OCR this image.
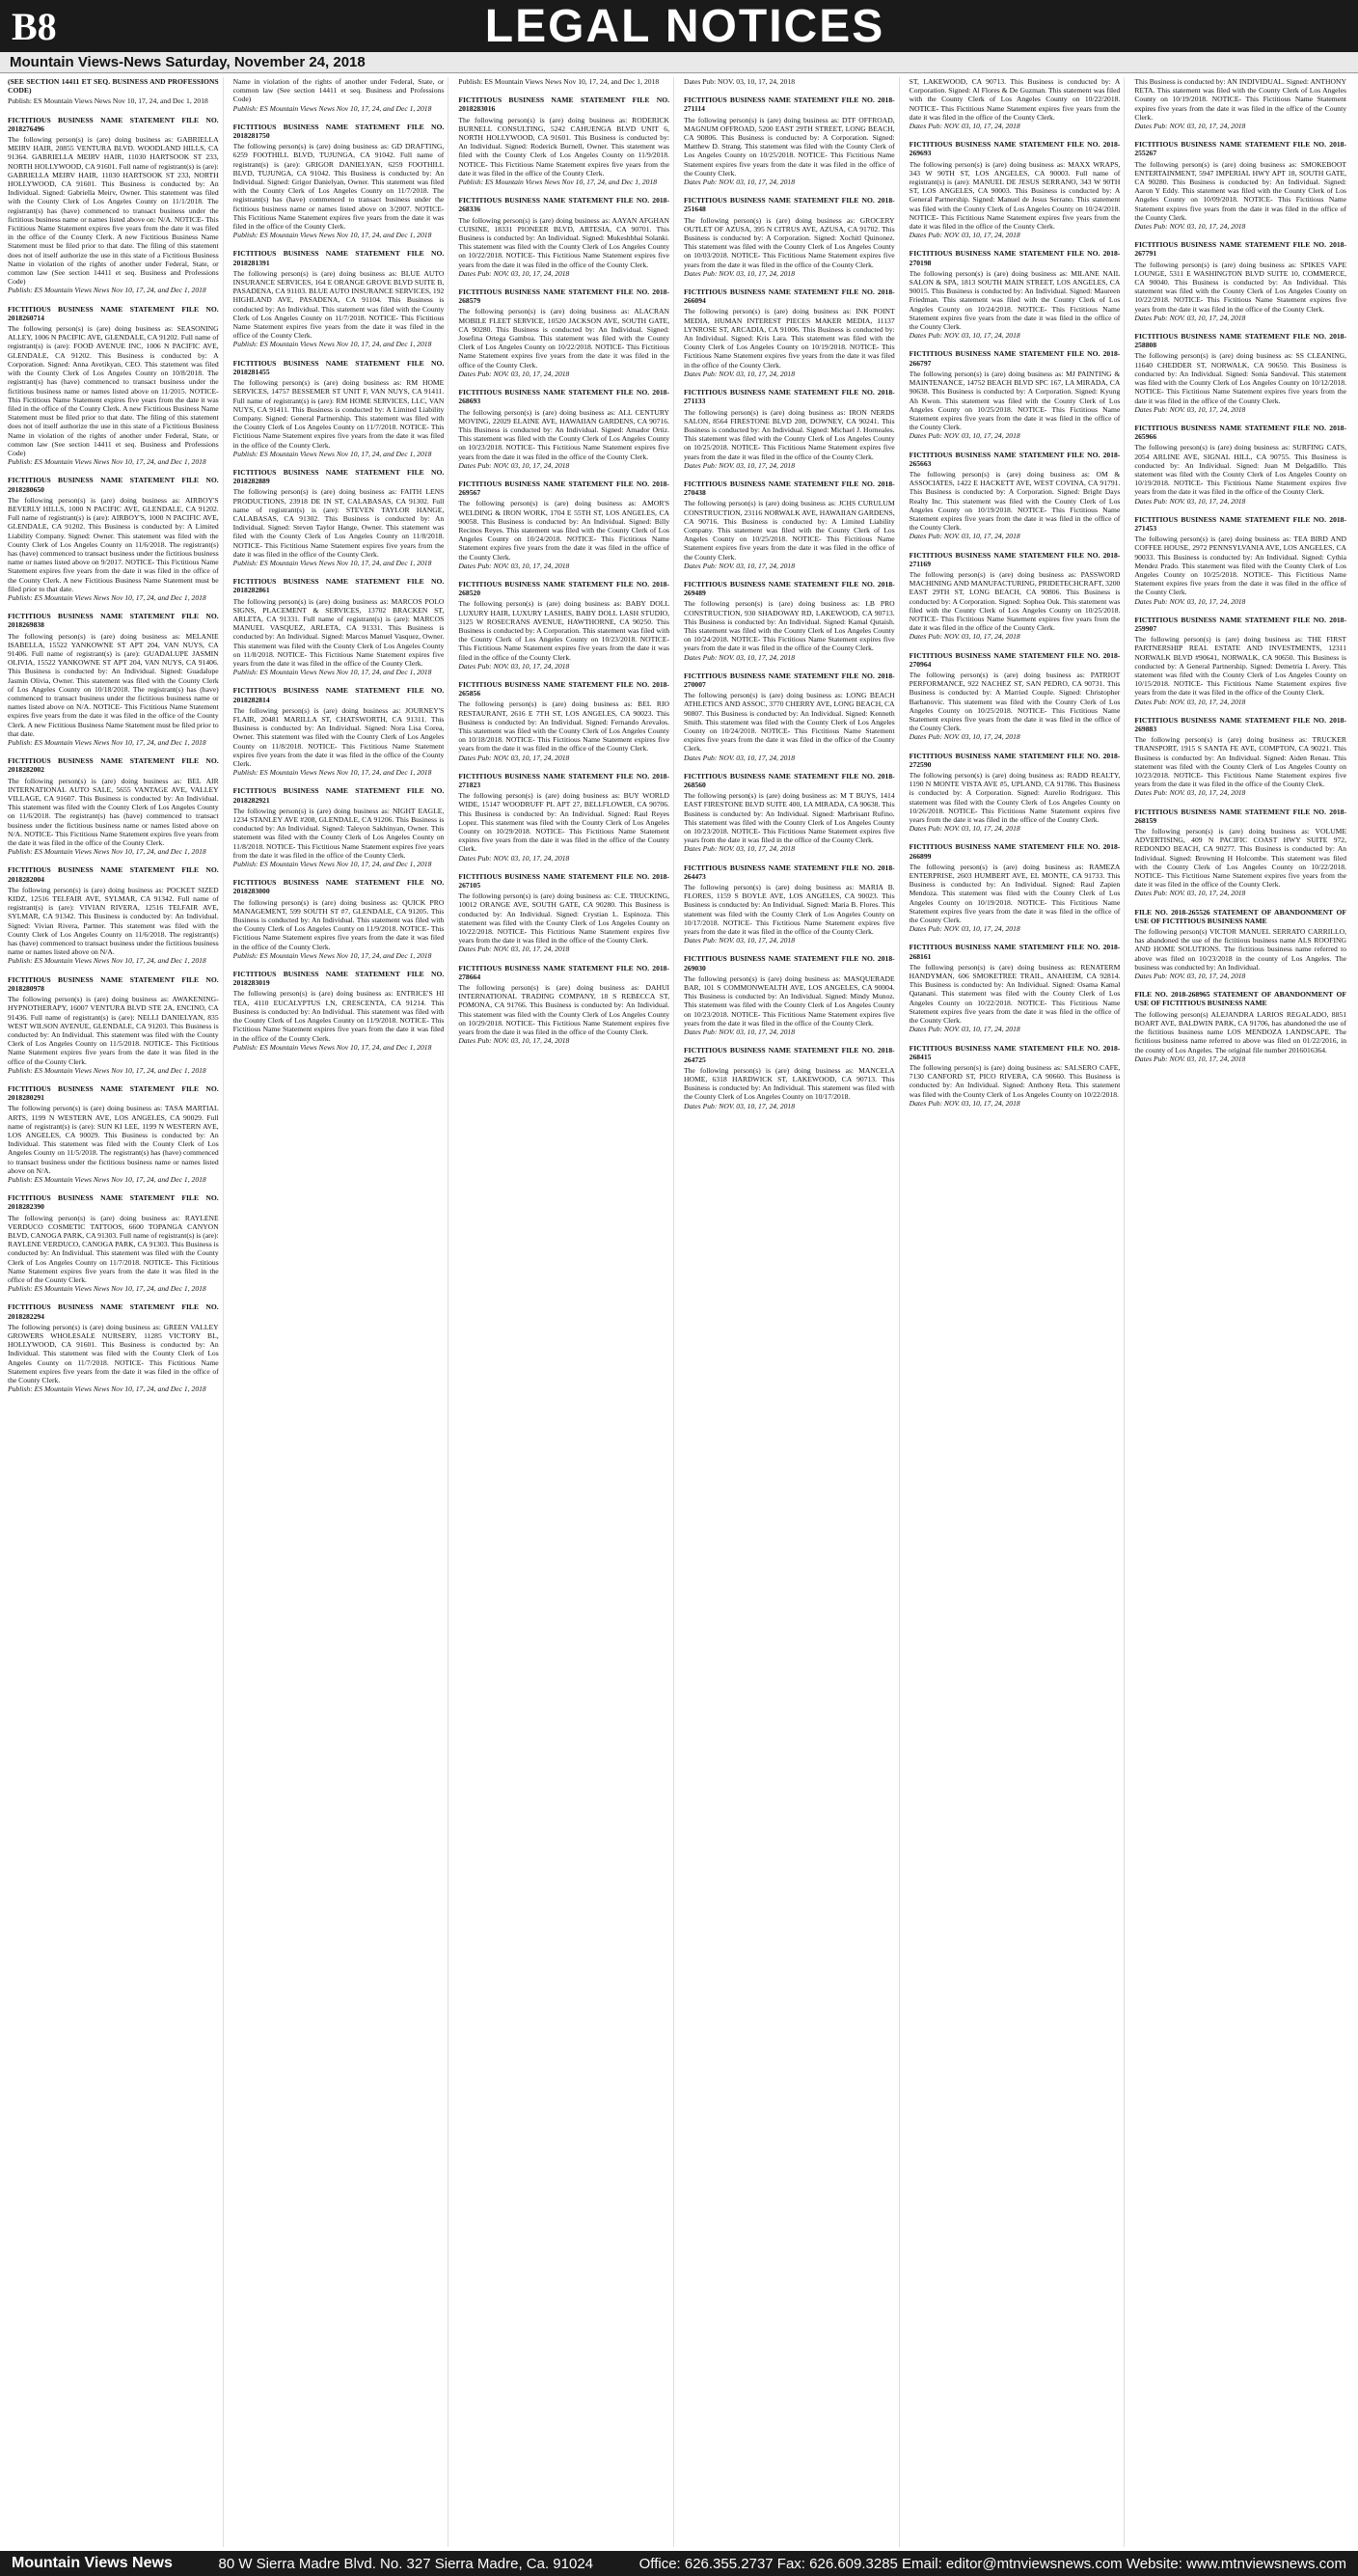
B8	LEGAL NOTICES
Mountain Views-News Saturday, November 24, 2018
(SEE SECTION 14411 ET SEQ. BUSINESS AND PROFESSIONS CODE)
Publish: ES Mountain Views News Nov 10, 17, 24, and Dec 1, 2018
FICTITIOUS BUSINESS NAME STATEMENT FILE NO. 2018276496
The following person(s) is (are) doing business as: GABRIELLA MEIRV HAIR, 20855 VENTURA BLVD. WOODLAND HILLS, CA 91364. GABRIELLA MEIRV HAIR, 11030 HARTSOOK ST 233, NORTH HOLLYWOOD, CA 91601. Full name of registrant(s) is (are): GABRIELLA MEIRV HAIR, 11030 HARTSOOK ST 233, NORTH HOLLYWOOD, CA 91601. This Business is conducted by: An Individual. Signed: Gabriella Meirv, Owner. This statement was filed with the County Clerk of Los Angeles County on 11/1/2018. The registrant(s) has (have) commenced to transact business under the fictitious business name or names listed above on: N/A. NOTICE- This Fictitious Name Statement expires five years from the date it was filed in the office of the County Clerk. A new Fictitious Business Name Statement must be filed prior to that date. The filing of this statement does not of itself authorize the use in this state of a Fictitious Business Name in violation of the rights of another under Federal, State, or common law (See section 14411 et seq. Business and Professions Code)
Publish: ES Mountain Views News Nov 10, 17, 24, and Dec 1, 2018
FICTITIOUS BUSINESS NAME STATEMENT FILE NO. 2018260714
The following person(s) is (are) doing business as: SEASONING ALLEY, 1006 N PACIFIC AVE, GLENDALE, CA 91202. Full name of registrant(s) is (are): FOOD AVENUE INC, 1006 N PACIFIC AVE, GLENDALE, CA 91202. This Business is conducted by: A Corporation. Signed: Anna Avetikyan, CEO. This statement was filed with the County Clerk of Los Angeles County on 10/8/2018. The registrant(s) has (have) commenced to transact business under the fictitious business name or names listed above on 11/2015. NOTICE- This Fictitious Name Statement expires five years from the date it was filed in the office of the County Clerk. A new Fictitious Business Name Statement must be filed prior to that date. The filing of this statement does not of itself authorize the use in this state of a Fictitious Business Name in violation of the rights of another under Federal, State, or common law (See section 14411 et seq. Business and Professions Code)
Publish: ES Mountain Views News Nov 10, 17, 24, and Dec 1, 2018
FICTITIOUS BUSINESS NAME STATEMENT FILE NO. 2018280650
The following person(s) is (are) doing business as: AIRBOY'S BEVERLY HILLS, 1000 N PACIFIC AVE, GLENDALE, CA 91202. Full name of registrant(s) is (are): AIRBOY'S, 1000 N PACIFIC AVE, GLENDALE, CA 91202. This Business is conducted by: A Limited Liability Company. Signed: Owner. This statement was filed with the County Clerk of Los Angeles County on 11/6/2018. The registrant(s) has (have) commenced to transact business under the fictitious business name or names listed above on 9/2017. NOTICE- This Fictitious Name Statement expires five years from the date it was filed in the office of the County Clerk. A new Fictitious Business Name Statement must be filed prior to that date.
Publish: ES Mountain Views News Nov 10, 17, 24, and Dec 1, 2018
FICTITIOUS BUSINESS NAME STATEMENT FILE NO. 2018269838
The following person(s) is (are) doing business as: MELANIE ISABELLA, 15522 YANKOWNE ST APT 204, VAN NUYS, CA 91406. Full name of registrant(s) is (are): GUADALUPE JASMIN OLIVIA, 15522 YANKOWNE ST APT 204, VAN NUYS, CA 91406. This Business is conducted by: An Individual. Signed: Guadalupe Jasmin Olivia, Owner. This statement was filed with the County Clerk of Los Angeles County on 10/18/2018. The registrant(s) has (have) commenced to transact business under the fictitious business name or names listed above on N/A. NOTICE- This Fictitious Name Statement expires five years from the date it was filed in the office of the County Clerk. A new Fictitious Business Name Statement must be filed prior to that date.
Publish: ES Mountain Views News Nov 10, 17, 24, and Dec 1, 2018
FICTITIOUS BUSINESS NAME STATEMENT FILE NO. 2018282002
The following person(s) is (are) doing business as: BEL AIR INTERNATIONAL AUTO SALE, 5655 VANTAGE AVE, VALLEY VILLAGE, CA 91607. This Business is conducted by: An Individual. This statement was filed with the County Clerk of Los Angeles County on 11/6/2018. The registrant(s) has (have) commenced to transact business under the fictitious business name or names listed above on N/A. NOTICE- This Fictitious Name Statement expires five years from the date it was filed in the office of the County Clerk.
Publish: ES Mountain Views News Nov 10, 17, 24, and Dec 1, 2018
FICTITIOUS BUSINESS NAME STATEMENT FILE NO. 2018282004
The following person(s) is (are) doing business as: POCKET SIZED KIDZ, 12516 TELFAIR AVE, SYLMAR, CA 91342. Full name of registrant(s) is (are): VIVIAN RIVERA, 12516 TELFAIR AVE, SYLMAR, CA 91342. This Business is conducted by: An Individual. Signed: Vivian Rivera, Partner. This statement was filed with the County Clerk of Los Angeles County on 11/6/2018. The registrant(s) has (have) commenced to transact business under the fictitious business name or names listed above on N/A.
Publish: ES Mountain Views News Nov 10, 17, 24, and Dec 1, 2018
FICTITIOUS BUSINESS NAME STATEMENT FILE NO. 2018280978
The following person(s) is (are) doing business as: AWAKENING-HYPNOTHERAPY, 16007 VENTURA BLVD STE 2A, ENCINO, CA 91436. Full name of registrant(s) is (are): NELLI DANIELYAN, 835 WEST WILSON AVENUE, GLENDALE, CA 91203. This Business is conducted by: An Individual. This statement was filed with the County Clerk of Los Angeles County on 11/5/2018. NOTICE- This Fictitious Name Statement expires five years from the date it was filed in the office of the County Clerk.
Publish: ES Mountain Views News Nov 10, 17, 24, and Dec 1, 2018
FICTITIOUS BUSINESS NAME STATEMENT FILE NO. 2018280291
The following person(s) is (are) doing business as: TASA MARTIAL ARTS, 1199 N WESTERN AVE, LOS ANGELES, CA 90029. Full name of registrant(s) is (are): SUN KI LEE, 1199 N WESTERN AVE, LOS ANGELES, CA 90029. This Business is conducted by: An Individual. This statement was filed with the County Clerk of Los Angeles County on 11/5/2018. The registrant(s) has (have) commenced to transact business under the fictitious business name or names listed above on N/A.
Publish: ES Mountain Views News Nov 10, 17, 24, and Dec 1, 2018
FICTITIOUS BUSINESS NAME STATEMENT FILE NO. 2018282390
The following person(s) is (are) doing business as: RAYLENE VERDUCO COSMETIC TATTOOS, 6600 TOPANGA CANYON BLVD, CANOGA PARK, CA 91303. Full name of registrant(s) is (are): RAYLENE VERDUCO, CANOGA PARK, CA 91303. This Business is conducted by: An Individual. This statement was filed with the County Clerk of Los Angeles County on 11/7/2018. NOTICE- This Fictitious Name Statement expires five years from the date it was filed in the office of the County Clerk.
Publish: ES Mountain Views News Nov 10, 17, 24, and Dec 1, 2018
FICTITIOUS BUSINESS NAME STATEMENT FILE NO. 2018282294
The following person(s) is (are) doing business as: GREEN VALLEY GROWERS WHOLESALE NURSERY, 11285 VICTORY BL, HOLLYWOOD, CA 91601. This Business is conducted by: An Individual. This statement was filed with the County Clerk of Los Angeles County on 11/7/2018. NOTICE- This Fictitious Name Statement expires five years from the date it was filed in the office of the County Clerk.
Publish: ES Mountain Views News Nov 10, 17, 24, and Dec 1, 2018
Name in violation of the rights of another under Federal, State, or common law (See section 14411 et seq. Business and Professions Code)
Publish: ES Mountain Views News Nov 10, 17, 24, and Dec 1, 2018
FICTITIOUS BUSINESS NAME STATEMENT FILE NO. 2018281750
The following person(s) is (are) doing business as: GD DRAFTING, 6259 FOOTHILL BLVD, TUJUNGA, CA 91042. Full name of registrant(s) is (are): GRIGOR DANIELYAN, 6259 FOOTHILL BLVD, TUJUNGA, CA 91042. This Business is conducted by: An Individual. Signed: Grigor Danielyan, Owner. This statement was filed with the County Clerk of Los Angeles County on 11/7/2018. The registrant(s) has (have) commenced to transact business under the fictitious business name or names listed above on 3/2007. NOTICE- This Fictitious Name Statement expires five years from the date it was filed in the office of the County Clerk.
Publish: ES Mountain Views News Nov 10, 17, 24, and Dec 1, 2018
FICTITIOUS BUSINESS NAME STATEMENT FILE NO. 2018281391
The following person(s) is (are) doing business as: BLUE AUTO INSURANCE SERVICES, 164 E ORANGE GROVE BLVD SUITE B, PASADENA, CA 91103. BLUE AUTO INSURANCE SERVICES, 192 HIGHLAND AVE, PASADENA, CA 91104. This Business is conducted by: An Individual. This statement was filed with the County Clerk of Los Angeles County on 11/7/2018. NOTICE- This Fictitious Name Statement expires five years from the date it was filed in the office of the County Clerk.
Publish: ES Mountain Views News Nov 10, 17, 24, and Dec 1, 2018
FICTITIOUS BUSINESS NAME STATEMENT FILE NO. 2018281455
The following person(s) is (are) doing business as: RM HOME SERVICES, 14757 BESSEMER ST UNIT F, VAN NUYS, CA 91411. Full name of registrant(s) is (are): RM HOME SERVICES, LLC, VAN NUYS, CA 91411. This Business is conducted by: A Limited Liability Company. Signed: General Partnership. This statement was filed with the County Clerk of Los Angeles County on 11/7/2018. NOTICE- This Fictitious Name Statement expires five years from the date it was filed in the office of the County Clerk.
Publish: ES Mountain Views News Nov 10, 17, 24, and Dec 1, 2018
FICTITIOUS BUSINESS NAME STATEMENT FILE NO. 2018282889
The following person(s) is (are) doing business as: FAITH LENS PRODUCTIONS, 23918 DE IN ST, CALABASAS, CA 91302. Full name of registrant(s) is (are): STEVEN TAYLOR HANGE, CALABASAS, CA 91302. This Business is conducted by: An Individual. Signed: Steven Taylor Hange, Owner. This statement was filed with the County Clerk of Los Angeles County on 11/8/2018. NOTICE- This Fictitious Name Statement expires five years from the date it was filed in the office of the County Clerk.
Publish: ES Mountain Views News Nov 10, 17, 24, and Dec 1, 2018
FICTITIOUS BUSINESS NAME STATEMENT FILE NO. 2018282861
The following person(s) is (are) doing business as: MARCOS POLO SIGNS, PLACEMENT & SERVICES, 13702 BRACKEN ST, ARLETA, CA 91331. Full name of registrant(s) is (are): MARCOS MANUEL VASQUEZ, ARLETA, CA 91331. This Business is conducted by: An Individual. Signed: Marcos Manuel Vasquez, Owner. This statement was filed with the County Clerk of Los Angeles County on 11/8/2018. NOTICE- This Fictitious Name Statement expires five years from the date it was filed in the office of the County Clerk.
Publish: ES Mountain Views News Nov 10, 17, 24, and Dec 1, 2018
FICTITIOUS BUSINESS NAME STATEMENT FILE NO. 2018282814
The following person(s) is (are) doing business as: JOURNEY'S FLAIR, 20481 MARILLA ST, CHATSWORTH, CA 91311. This Business is conducted by: An Individual. Signed: Nora Lisa Corea, Owner. This statement was filed with the County Clerk of Los Angeles County on 11/8/2018. NOTICE- This Fictitious Name Statement expires five years from the date it was filed in the office of the County Clerk.
Publish: ES Mountain Views News Nov 10, 17, 24, and Dec 1, 2018
FICTITIOUS BUSINESS NAME STATEMENT FILE NO. 2018282921
The following person(s) is (are) doing business as: NIGHT EAGLE, 1234 STANLEY AVE #208, GLENDALE, CA 91206. This Business is conducted by: An Individual. Signed: Taleyon Sakhinyan, Owner. This statement was filed with the County Clerk of Los Angeles County on 11/8/2018. NOTICE- This Fictitious Name Statement expires five years from the date it was filed in the office of the County Clerk.
Publish: ES Mountain Views News Nov 10, 17, 24, and Dec 1, 2018
FICTITIOUS BUSINESS NAME STATEMENT FILE NO. 2018283000
The following person(s) is (are) doing business as: QUICK PRO MANAGEMENT, 599 SOUTH ST #7, GLENDALE, CA 91205. This Business is conducted by: An Individual. This statement was filed with the County Clerk of Los Angeles County on 11/9/2018. NOTICE- This Fictitious Name Statement expires five years from the date it was filed in the office of the County Clerk.
Publish: ES Mountain Views News Nov 10, 17, 24, and Dec 1, 2018
FICTITIOUS BUSINESS NAME STATEMENT FILE NO. 2018283019
The following person(s) is (are) doing business as: ENTRICE'S HI TEA, 4110 EUCALYPTUS LN, CRESCENTA, CA 91214. This Business is conducted by: An Individual. This statement was filed with the County Clerk of Los Angeles County on 11/9/2018. NOTICE- This Fictitious Name Statement expires five years from the date it was filed in the office of the County Clerk.
Publish: ES Mountain Views News Nov 10, 17, 24, and Dec 1, 2018
Publish: ES Mountain Views News Nov 10, 17, 24, and Dec 1, 2018
FICTITIOUS BUSINESS NAME STATEMENT FILE NO. 2018283016
The following person(s) is (are) doing business as: RODERICK BURNELL CONSULTING, 5242 CAHUENGA BLVD UNIT 6, NORTH HOLLYWOOD, CA 91601. This Business is conducted by: An Individual. Signed: Roderick Burnell, Owner. This statement was filed with the County Clerk of Los Angeles County on 11/9/2018. NOTICE- This Fictitious Name Statement expires five years from the date it was filed in the office of the County Clerk.
Publish: ES Mountain Views News Nov 10, 17, 24, and Dec 1, 2018
FICTITIOUS BUSINESS NAME STATEMENT FILE NO. 2018-268336
The following person(s) is (are) doing business as: AAYAN AFGHAN CUISINE, 18331 PIONEER BLVD, ARTESIA, CA 90701. This Business is conducted by: An Individual. Signed: Mukeshbhai Solanki. This statement was filed with the County Clerk of Los Angeles County on 10/22/2018. NOTICE- This Fictitious Name Statement expires five years from the date it was filed in the office of the County Clerk.
Dates Pub: NOV. 03, 10, 17, 24, 2018
FICTITIOUS BUSINESS NAME STATEMENT FILE NO. 2018-268579
The following person(s) is (are) doing business as: ALACRAN MOBILE FLEET SERVICE, 10520 JACKSON AVE, SOUTH GATE, CA 90280. This Business is conducted by: An Individual. Signed: Josefina Ortega Gamboa. This statement was filed with the County Clerk of Los Angeles County on 10/22/2018. NOTICE- This Fictitious Name Statement expires five years from the date it was filed in the office of the County Clerk.
Dates Pub: NOV. 03, 10, 17, 24, 2018
FICTITIOUS BUSINESS NAME STATEMENT FILE NO. 2018-268693
The following person(s) is (are) doing business as: ALL CENTURY MOVING, 22029 ELAINE AVE, HAWAIIAN GARDENS, CA 90716. This Business is conducted by: An Individual. Signed: Amador Ortiz. This statement was filed with the County Clerk of Los Angeles County on 10/23/2018. NOTICE- This Fictitious Name Statement expires five years from the date it was filed in the office of the County Clerk.
Dates Pub: NOV. 03, 10, 17, 24, 2018
FICTITIOUS BUSINESS NAME STATEMENT FILE NO. 2018-269567
The following person(s) is (are) doing business as: AMOR'S WELDING & IRON WORK, 1704 E 55TH ST, LOS ANGELES, CA 90058. This Business is conducted by: An Individual. Signed: Billy Recinos Reyes. This statement was filed with the County Clerk of Los Angeles County on 10/24/2018. NOTICE- This Fictitious Name Statement expires five years from the date it was filed in the office of the County Clerk.
Dates Pub: NOV. 03, 10, 17, 24, 2018
FICTITIOUS BUSINESS NAME STATEMENT FILE NO. 2018-268520
The following person(s) is (are) doing business as: BABY DOLL LUXURY HAIR, LUXURY LASHES, BABY DOLL LASH STUDIO, 3125 W ROSECRANS AVENUE, HAWTHORNE, CA 90250. This Business is conducted by: A Corporation. This statement was filed with the County Clerk of Los Angeles County on 10/23/2018. NOTICE- This Fictitious Name Statement expires five years from the date it was filed in the office of the County Clerk.
Dates Pub: NOV. 03, 10, 17, 24, 2018
FICTITIOUS BUSINESS NAME STATEMENT FILE NO. 2018-265856
The following person(s) is (are) doing business as: BEL RIO RESTAURANT, 2616 E 7TH ST, LOS ANGELES, CA 90023. This Business is conducted by: An Individual. Signed: Fernando Arevalos. This statement was filed with the County Clerk of Los Angeles County on 10/18/2018. NOTICE- This Fictitious Name Statement expires five years from the date it was filed in the office of the County Clerk.
Dates Pub: NOV. 03, 10, 17, 24, 2018
FICTITIOUS BUSINESS NAME STATEMENT FILE NO. 2018-271823
The following person(s) is (are) doing business as: BUY WORLD WIDE, 15147 WOODRUFF PL APT 27, BELLFLOWER, CA 90706. This Business is conducted by: An Individual. Signed: Raul Reyes Lopez. This statement was filed with the County Clerk of Los Angeles County on 10/29/2018. NOTICE- This Fictitious Name Statement expires five years from the date it was filed in the office of the County Clerk.
Dates Pub: NOV. 03, 10, 17, 24, 2018
FICTITIOUS BUSINESS NAME STATEMENT FILE NO. 2018-267105
The following person(s) is (are) doing business as: C.E. TRUCKING, 10012 ORANGE AVE, SOUTH GATE, CA 90280. This Business is conducted by: An Individual. Signed: Crystian L. Espinoza. This statement was filed with the County Clerk of Los Angeles County on 10/22/2018. NOTICE- This Fictitious Name Statement expires five years from the date it was filed in the office of the County Clerk.
Dates Pub: NOV. 03, 10, 17, 24, 2018
FICTITIOUS BUSINESS NAME STATEMENT FILE NO. 2018-278664
The following person(s) is (are) doing business as: DAHUI INTERNATIONAL TRADING COMPANY, 18 S REBECCA ST, POMONA, CA 91766. This Business is conducted by: An Individual. This statement was filed with the County Clerk of Los Angeles County on 10/29/2018. NOTICE- This Fictitious Name Statement expires five years from the date it was filed in the office of the County Clerk.
Dates Pub: NOV. 03, 10, 17, 24, 2018
Dates Pub: NOV. 03, 10, 17, 24, 2018
FICTITIOUS BUSINESS NAME STATEMENT FILE NO. 2018-271114
The following person(s) is (are) doing business as: DTF OFFROAD, MAGNUM OFFROAD, 5200 EAST 29TH STREET, LONG BEACH, CA 90806. This Business is conducted by: A Corporation. Signed: Matthew D. Strang. This statement was filed with the County Clerk of Los Angeles County on 10/25/2018. NOTICE- This Fictitious Name Statement expires five years from the date it was filed in the office of the County Clerk.
Dates Pub: NOV. 03, 10, 17, 24, 2018
FICTITIOUS BUSINESS NAME STATEMENT FILE NO. 2018-251648
The following person(s) is (are) doing business as: GROCERY OUTLET OF AZUSA, 395 N CITRUS AVE, AZUSA, CA 91702. This Business is conducted by: A Corporation. Signed: Xochitl Quinonez. This statement was filed with the County Clerk of Los Angeles County on 10/03/2018. NOTICE- This Fictitious Name Statement expires five years from the date it was filed in the office of the County Clerk.
Dates Pub: NOV. 03, 10, 17, 24, 2018
FICTITIOUS BUSINESS NAME STATEMENT FILE NO. 2018-266094
The following person(s) is (are) doing business as: INK POINT MEDIA, HUMAN INTEREST PIECES MAKER MEDIA, 11137 LYNROSE ST, ARCADIA, CA 91006. This Business is conducted by: An Individual. Signed: Kris Lara. This statement was filed with the County Clerk of Los Angeles County on 10/19/2018. NOTICE- This Fictitious Name Statement expires five years from the date it was filed in the office of the County Clerk.
Dates Pub: NOV. 03, 10, 17, 24, 2018
FICTITIOUS BUSINESS NAME STATEMENT FILE NO. 2018-271133
The following person(s) is (are) doing business as: IRON NERDS SALON, 8564 FIRESTONE BLVD 208, DOWNEY, CA 90241. This Business is conducted by: An Individual. Signed: Michael J. Horneales. This statement was filed with the County Clerk of Los Angeles County on 10/25/2018. NOTICE- This Fictitious Name Statement expires five years from the date it was filed in the office of the County Clerk.
Dates Pub: NOV. 03, 10, 17, 24, 2018
FICTITIOUS BUSINESS NAME STATEMENT FILE NO. 2018-270438
The following person(s) is (are) doing business as: JCHS CURULUM CONSTRUCTION, 23116 NORWALK AVE, HAWAIIAN GARDENS, CA 90716. This Business is conducted by: A Limited Liability Company. This statement was filed with the County Clerk of Los Angeles County on 10/25/2018. NOTICE- This Fictitious Name Statement expires five years from the date it was filed in the office of the County Clerk.
Dates Pub: NOV. 03, 10, 17, 24, 2018
FICTITIOUS BUSINESS NAME STATEMENT FILE NO. 2018-269489
The following person(s) is (are) doing business as: LB PRO CONSTRUCTION, 930 SHADOWAY RD, LAKEWOOD, CA 90713. This Business is conducted by: An Individual. Signed: Kamal Qutaish. This statement was filed with the County Clerk of Los Angeles County on 10/24/2018. NOTICE- This Fictitious Name Statement expires five years from the date it was filed in the office of the County Clerk.
Dates Pub: NOV. 03, 10, 17, 24, 2018
FICTITIOUS BUSINESS NAME STATEMENT FILE NO. 2018-270007
The following person(s) is (are) doing business as: LONG BEACH ATHLETICS AND ASSOC, 3770 CHERRY AVE, LONG BEACH, CA 90807. This Business is conducted by: An Individual. Signed: Kenneth Smith. This statement was filed with the County Clerk of Los Angeles County on 10/24/2018. NOTICE- This Fictitious Name Statement expires five years from the date it was filed in the office of the County Clerk.
Dates Pub: NOV. 03, 10, 17, 24, 2018
FICTITIOUS BUSINESS NAME STATEMENT FILE NO. 2018-268560
The following person(s) is (are) doing business as: M T BUYS, 1414 EAST FIRESTONE BLVD SUITE 400, LA MIRADA, CA 90638. This Business is conducted by: An Individual. Signed: Marbrisant Rufino. This statement was filed with the County Clerk of Los Angeles County on 10/23/2018. NOTICE- This Fictitious Name Statement expires five years from the date it was filed in the office of the County Clerk.
Dates Pub: NOV. 03, 10, 17, 24, 2018
FICTITIOUS BUSINESS NAME STATEMENT FILE NO. 2018-264473
The following person(s) is (are) doing business as: MARIA B. FLORES, 1159 S BOYLE AVE, LOS ANGELES, CA 90023. This Business is conducted by: An Individual. Signed: Maria B. Flores. This statement was filed with the County Clerk of Los Angeles County on 10/17/2018. NOTICE- This Fictitious Name Statement expires five years from the date it was filed in the office of the County Clerk.
Dates Pub: NOV. 03, 10, 17, 24, 2018
FICTITIOUS BUSINESS NAME STATEMENT FILE NO. 2018-269030
The following person(s) is (are) doing business as: MASQUERADE BAR, 101 S COMMONWEALTH AVE, LOS ANGELES, CA 90004. This Business is conducted by: An Individual. Signed: Mindy Munoz. This statement was filed with the County Clerk of Los Angeles County on 10/23/2018. NOTICE- This Fictitious Name Statement expires five years from the date it was filed in the office of the County Clerk.
Dates Pub: NOV. 03, 10, 17, 24, 2018
FICTITIOUS BUSINESS NAME STATEMENT FILE NO. 2018-264725
The following person(s) is (are) doing business as: MANCELA HOME, 6318 HARDWICK ST, LAKEWOOD, CA 90713. This Business is conducted by: An Individual. This statement was filed with the County Clerk of Los Angeles County on 10/17/2018.
Dates Pub: NOV. 03, 10, 17, 24, 2018
ST, LAKEWOOD, CA 90713. This Business is conducted by: A Corporation. Signed: Al Flores & De Guzman. This statement was filed with the County Clerk of Los Angeles County on 10/22/2018. NOTICE- This Fictitious Name Statement expires five years from the date it was filed in the office of the County Clerk.
Dates Pub: NOV. 03, 10, 17, 24, 2018
FICTITIOUS BUSINESS NAME STATEMENT FILE NO. 2018-269693
The following person(s) is (are) doing business as: MAXX WRAPS, 343 W 90TH ST, LOS ANGELES, CA 90003. Full name of registrant(s) is (are): MANUEL DE JESUS SERRANO, 343 W 90TH ST, LOS ANGELES, CA 90003. This Business is conducted by: A General Partnership. Signed: Manuel de Jesus Serrano. This statement was filed with the County Clerk of Los Angeles County on 10/24/2018. NOTICE- This Fictitious Name Statement expires five years from the date it was filed in the office of the County Clerk.
Dates Pub: NOV. 03, 10, 17, 24, 2018
FICTITIOUS BUSINESS NAME STATEMENT FILE NO. 2018-270198
The following person(s) is (are) doing business as: MILANE NAIL SALON & SPA, 1813 SOUTH MAIN STREET, LOS ANGELES, CA 90015. This Business is conducted by: An Individual. Signed: Maureen Friedman. This statement was filed with the County Clerk of Los Angeles County on 10/24/2018. NOTICE- This Fictitious Name Statement expires five years from the date it was filed in the office of the County Clerk.
Dates Pub: NOV. 03, 10, 17, 24, 2018
FICTITIOUS BUSINESS NAME STATEMENT FILE NO. 2018-266797
The following person(s) is (are) doing business as: MJ PAINTING & MAINTENANCE, 14752 BEACH BLVD SPC 167, LA MIRADA, CA 90638. This Business is conducted by: A Corporation. Signed: Kyung Ah Kwon. This statement was filed with the County Clerk of Los Angeles County on 10/25/2018. NOTICE- This Fictitious Name Statement expires five years from the date it was filed in the office of the County Clerk.
Dates Pub: NOV. 03, 10, 17, 24, 2018
FICTITIOUS BUSINESS NAME STATEMENT FILE NO. 2018-265663
The following person(s) is (are) doing business as: OM & ASSOCIATES, 1422 E HACKETT AVE, WEST COVINA, CA 91791. This Business is conducted by: A Corporation. Signed: Bright Days Realty Inc. This statement was filed with the County Clerk of Los Angeles County on 10/19/2018. NOTICE- This Fictitious Name Statement expires five years from the date it was filed in the office of the County Clerk.
Dates Pub: NOV. 03, 10, 17, 24, 2018
FICTITIOUS BUSINESS NAME STATEMENT FILE NO. 2018-271169
The following person(s) is (are) doing business as: PASSWORD MACHINING AND MANUFACTURING, PRIDETECHCRAFT, 3200 EAST 29TH ST, LONG BEACH, CA 90806. This Business is conducted by: A Corporation. Signed: Sophea Ouk. This statement was filed with the County Clerk of Los Angeles County on 10/25/2018. NOTICE- This Fictitious Name Statement expires five years from the date it was filed in the office of the County Clerk.
Dates Pub: NOV. 03, 10, 17, 24, 2018
FICTITIOUS BUSINESS NAME STATEMENT FILE NO. 2018-270964
The following person(s) is (are) doing business as: PATRIOT PERFORMANCE, 922 NACHEZ ST, SAN PEDRO, CA 90731. This Business is conducted by: A Married Couple. Signed: Christopher Barhanovic. This statement was filed with the County Clerk of Los Angeles County on 10/25/2018. NOTICE- This Fictitious Name Statement expires five years from the date it was filed in the office of the County Clerk.
Dates Pub: NOV. 03, 10, 17, 24, 2018
FICTITIOUS BUSINESS NAME STATEMENT FILE NO. 2018-272590
The following person(s) is (are) doing business as: RADD REALTY, 1190 N MONTE VISTA AVE #5, UPLAND, CA 91786. This Business is conducted by: A Corporation. Signed: Aurelio Rodriguez. This statement was filed with the County Clerk of Los Angeles County on 10/26/2018. NOTICE- This Fictitious Name Statement expires five years from the date it was filed in the office of the County Clerk.
Dates Pub: NOV. 03, 10, 17, 24, 2018
FICTITIOUS BUSINESS NAME STATEMENT FILE NO. 2018-266899
The following person(s) is (are) doing business as: RAMEZA ENTERPRISE, 2603 HUMBERT AVE, EL MONTE, CA 91733. This Business is conducted by: An Individual. Signed: Raul Zapien Mendoza. This statement was filed with the County Clerk of Los Angeles County on 10/19/2018. NOTICE- This Fictitious Name Statement expires five years from the date it was filed in the office of the County Clerk.
Dates Pub: NOV. 03, 10, 17, 24, 2018
FICTITIOUS BUSINESS NAME STATEMENT FILE NO. 2018-268161
The following person(s) is (are) doing business as: RENATERM HANDYMAN, 606 SMOKETREE TRAIL, ANAHEIM, CA 92814. This Business is conducted by: An Individual. Signed: Osama Kamal Qatanani. This statement was filed with the County Clerk of Los Angeles County on 10/22/2018. NOTICE- This Fictitious Name Statement expires five years from the date it was filed in the office of the County Clerk.
Dates Pub: NOV. 03, 10, 17, 24, 2018
FICTITIOUS BUSINESS NAME STATEMENT FILE NO. 2018-268415
The following person(s) is (are) doing business as: SALSERO CAFE, 7130 CANFORD ST, PICO RIVERA, CA 90660. This Business is conducted by: An Individual. Signed: Anthony Reta. This statement was filed with the County Clerk of Los Angeles County on 10/22/2018.
Dates Pub: NOV. 03, 10, 17, 24, 2018
This Business is conducted by: AN INDIVIDUAL. Signed: ANTHONY RETA. This statement was filed with the County Clerk of Los Angeles County on 10/19/2018. NOTICE- This Fictitious Name Statement expires five years from the date it was filed in the office of the County Clerk.
Dates Pub: NOV. 03, 10, 17, 24, 2018
FICTITIOUS BUSINESS NAME STATEMENT FILE NO. 2018-255267
The following person(s) is (are) doing business as: SMOKEBOOT ENTERTAINMENT, 5947 IMPERIAL HWY APT 18, SOUTH GATE, CA 90280. This Business is conducted by: An Individual. Signed: Aaron Y Eddy. This statement was filed with the County Clerk of Los Angeles County on 10/09/2018. NOTICE- This Fictitious Name Statement expires five years from the date it was filed in the office of the County Clerk.
Dates Pub: NOV. 03, 10, 17, 24, 2018
FICTITIOUS BUSINESS NAME STATEMENT FILE NO. 2018-267791
The following person(s) is (are) doing business as: SPIKES VAPE LOUNGE, 5311 E WASHINGTON BLVD SUITE 10, COMMERCE, CA 90040. This Business is conducted by: An Individual. This statement was filed with the County Clerk of Los Angeles County on 10/22/2018. NOTICE- This Fictitious Name Statement expires five years from the date it was filed in the office of the County Clerk.
Dates Pub: NOV. 03, 10, 17, 24, 2018
FICTITIOUS BUSINESS NAME STATEMENT FILE NO. 2018-258808
The following person(s) is (are) doing business as: SS CLEANING, 11640 CHEDDER ST, NORWALK, CA 90650. This Business is conducted by: An Individual. Signed: Sonia Sandoval. This statement was filed with the County Clerk of Los Angeles County on 10/12/2018. NOTICE- This Fictitious Name Statement expires five years from the date it was filed in the office of the County Clerk.
Dates Pub: NOV. 03, 10, 17, 24, 2018
FICTITIOUS BUSINESS NAME STATEMENT FILE NO. 2018-265966
The following person(s) is (are) doing business as: SURFING CATS, 2054 ARLINE AVE, SIGNAL HILL, CA 90755. This Business is conducted by: An Individual. Signed: Juan M Delgadillo. This statement was filed with the County Clerk of Los Angeles County on 10/19/2018. NOTICE- This Fictitious Name Statement expires five years from the date it was filed in the office of the County Clerk.
Dates Pub: NOV. 03, 10, 17, 24, 2018
FICTITIOUS BUSINESS NAME STATEMENT FILE NO. 2018-271453
The following person(s) is (are) doing business as: TEA BIRD AND COFFEE HOUSE, 2972 PENNSYLVANIA AVE, LOS ANGELES, CA 90033. This Business is conducted by: An Individual. Signed: Cythia Mendez Prado. This statement was filed with the County Clerk of Los Angeles County on 10/25/2018. NOTICE- This Fictitious Name Statement expires five years from the date it was filed in the office of the County Clerk.
Dates Pub: NOV. 03, 10, 17, 24, 2018
FICTITIOUS BUSINESS NAME STATEMENT FILE NO. 2018-259907
The following person(s) is (are) doing business as: THE FIRST PARTNERSHIP REAL ESTATE AND INVESTMENTS, 12311 NORWALK BLVD #90641, NORWALK, CA 90650. This Business is conducted by: A General Partnership. Signed: Demetria L Avery. This statement was filed with the County Clerk of Los Angeles County on 10/15/2018. NOTICE- This Fictitious Name Statement expires five years from the date it was filed in the office of the County Clerk.
Dates Pub: NOV. 03, 10, 17, 24, 2018
FICTITIOUS BUSINESS NAME STATEMENT FILE NO. 2018-269883
The following person(s) is (are) doing business as: TRUCKER TRANSPORT, 1915 S SANTA FE AVE, COMPTON, CA 90221. This Business is conducted by: An Individual. Signed: Aiden Renau. This statement was filed with the County Clerk of Los Angeles County on 10/23/2018. NOTICE- This Fictitious Name Statement expires five years from the date it was filed in the office of the County Clerk.
Dates Pub: NOV. 03, 10, 17, 24, 2018
FICTITIOUS BUSINESS NAME STATEMENT FILE NO. 2018-268159
The following person(s) is (are) doing business as: VOLUME ADVERTISING, 409 N PACIFIC COAST HWY SUITE 972, REDONDO BEACH, CA 90277. This Business is conducted by: An Individual. Signed: Browning H Holcombe. This statement was filed with the County Clerk of Los Angeles County on 10/22/2018. NOTICE- This Fictitious Name Statement expires five years from the date it was filed in the office of the County Clerk.
Dates Pub: NOV. 03, 10, 17, 24, 2018
FILE NO. 2018-265526 STATEMENT OF ABANDONMENT OF USE OF FICTITIOUS BUSINESS NAME
The following person(s) VICTOR MANUEL SERRATO CARRILLO, has abandoned the use of the fictitious business name ALS ROOFING AND HOME SOLUTIONS. The fictitious business name referred to above was filed on 10/23/2018 in the county of Los Angeles. The business was conducted by: An Individual.
Dates Pub: NOV. 03, 10, 17, 24, 2018
FILE NO. 2018-268965 STATEMENT OF ABANDONMENT OF USE OF FICTITIOUS BUSINESS NAME
The following person(s) ALEJANDRA LARIOS REGALADO, 8851 BOART AVE, BALDWIN PARK, CA 91706, has abandoned the use of the fictitious business name LOS MENDOZA LANDSCAPE. The fictitious business name referred to above was filed on 01/22/2016, in the county of Los Angeles. The original file number 2016016364.
Dates Pub: NOV. 03, 10, 17, 24, 2018
Mountain Views News	80 W Sierra Madre Blvd. No. 327 Sierra Madre, Ca. 91024	Office: 626.355.2737 Fax: 626.609.3285 Email: editor@mtnviewsnews.com Website: www.mtnviewsnews.com
